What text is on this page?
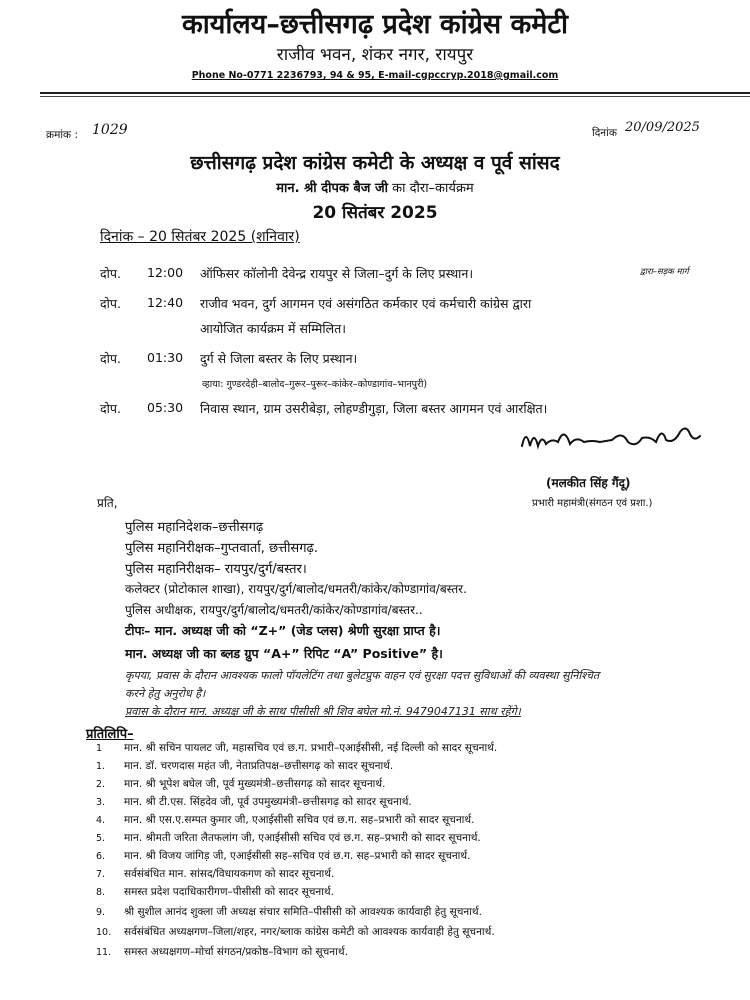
कार्यालय–छत्तीसगढ़ प्रदेश कांग्रेस कमेटी
राजीव भवन, शंकर नगर, रायपुर
Phone No-0771 2236793, 94 & 95, E-mail-cgpccryp.2018@gmail.com
क्रमांक : 1029	दिनांक 20/09/2025
छत्तीसगढ़ प्रदेश कांग्रेस कमेटी के अध्यक्ष व पूर्व सांसद
मान. श्री दीपक बैज जी का दौरा–कार्यक्रम
20 सितंबर 2025
दिनांक – 20 सितंबर 2025 (शनिवार)
दोप. 12:00 ऑफिसर कॉलोनी देवेन्द्र रायपुर से जिला–दुर्ग के लिए प्रस्थान।	द्वारा–सड़क मार्ग
दोप. 12:40 राजीव भवन, दुर्ग आगमन एवं असंगठित कर्मकार एवं कर्मचारी कांग्रेस द्वारा
आयोजित कार्यक्रम में सम्मिलित।
दोप. 01:30 दुर्ग से जिला बस्तर के लिए प्रस्थान।
व्हाया: गुण्डरदेही–बालोद–गुरूर–पुरूर–कांकेर–कोण्डागांव–भानपुरी)
दोप. 05:30 निवास स्थान, ग्राम उसरीबेड़ा, लोहण्डीगुड़ा, जिला बस्तर आगमन एवं आरक्षित।
(मलकीत सिंह गैंदू)
प्रभारी महामंत्री(संगठन एवं प्रशा.)
प्रति,
पुलिस महानिदेशक–छत्तीसगढ़
पुलिस महानिरीक्षक–गुप्तवार्ता, छत्तीसगढ़.
पुलिस महानिरीक्षक– रायपुर/दुर्ग/बस्तर।
कलेक्टर (प्रोटोकाल शाखा), रायपुर/दुर्ग/बालोद/धमतरी/कांकेर/कोण्डागांव/बस्तर.
पुलिस अधीक्षक, रायपुर/दुर्ग/बालोद/धमतरी/कांकेर/कोण्डागांव/बस्तर..
टीपः– मान. अध्यक्ष जी को “Z+” (जेड प्लस) श्रेणी सुरक्षा प्राप्त है।
मान. अध्यक्ष जी का ब्लड ग्रुप “A+” रिपिट “A” Positive” है।
कृपया, प्रवास के दौरान आवश्यक फालो पॉयलेटिंग तथा बुलेटप्रुफ वाहन एवं सुरक्षा पदत्त सुविधाओं की व्यवस्था सुनिश्चित
करने हेतु अनुरोध है।
प्रवास के दौरान मान. अध्यक्ष जी के साथ पीसीसी श्री शिव बघेल मो.नं. 9479047131 साथ रहेंगे।
प्रतिलिपि–
1 मान. श्री सचिन पायलट जी, महासचिव एवं छ.ग. प्रभारी–एआईसीसी, नई दिल्ली को सादर सूचनार्थ.
1. मान. डॉ. चरणदास महंत जी, नेताप्रतिपक्ष–छत्तीसगढ़ को सादर सूचनार्थ.
2. मान. श्री भूपेश बघेल जी, पूर्व मुख्यमंत्री–छत्तीसगढ़ को सादर सूचनार्थ.
3. मान. श्री टी.एस. सिंहदेव जी, पूर्व उपमुख्यमंत्री–छत्तीसगढ़ को सादर सूचनार्थ.
4. मान. श्री एस.ए.सम्पत कुमार जी, एआईसीसी सचिव एवं छ.ग. सह–प्रभारी को सादर सूचनार्थ.
5. मान. श्रीमती जरिता लैतफलांग जी, एआईसीसी सचिव एवं छ.ग. सह–प्रभारी को सादर सूचनार्थ.
6. मान. श्री विजय जांगिड़ जी, एआईसीसी सह–सचिव एवं छ.ग. सह–प्रभारी को सादर सूचनार्थ.
7. सर्वसंबंधित मान. सांसद/विधायकगण को सादर सूचनार्थ.
8. समस्त प्रदेश पदाधिकारीगण–पीसीसी को सादर सूचनार्थ.
9. श्री सुशील आनंद शुक्ला जी अध्यक्ष संचार समिति–पीसीसी को आवश्यक कार्यवाही हेतु सूचनार्थ.
10. सर्वसंबंधित अध्यक्षगण–जिला/शहर, नगर/ब्लाक कांग्रेस कमेटी को आवश्यक कार्यवाही हेतु सूचनार्थ.
11. समस्त अध्यक्षगण–मोर्चा संगठन/प्रकोष्ठ–विभाग को सूचनार्थ.
